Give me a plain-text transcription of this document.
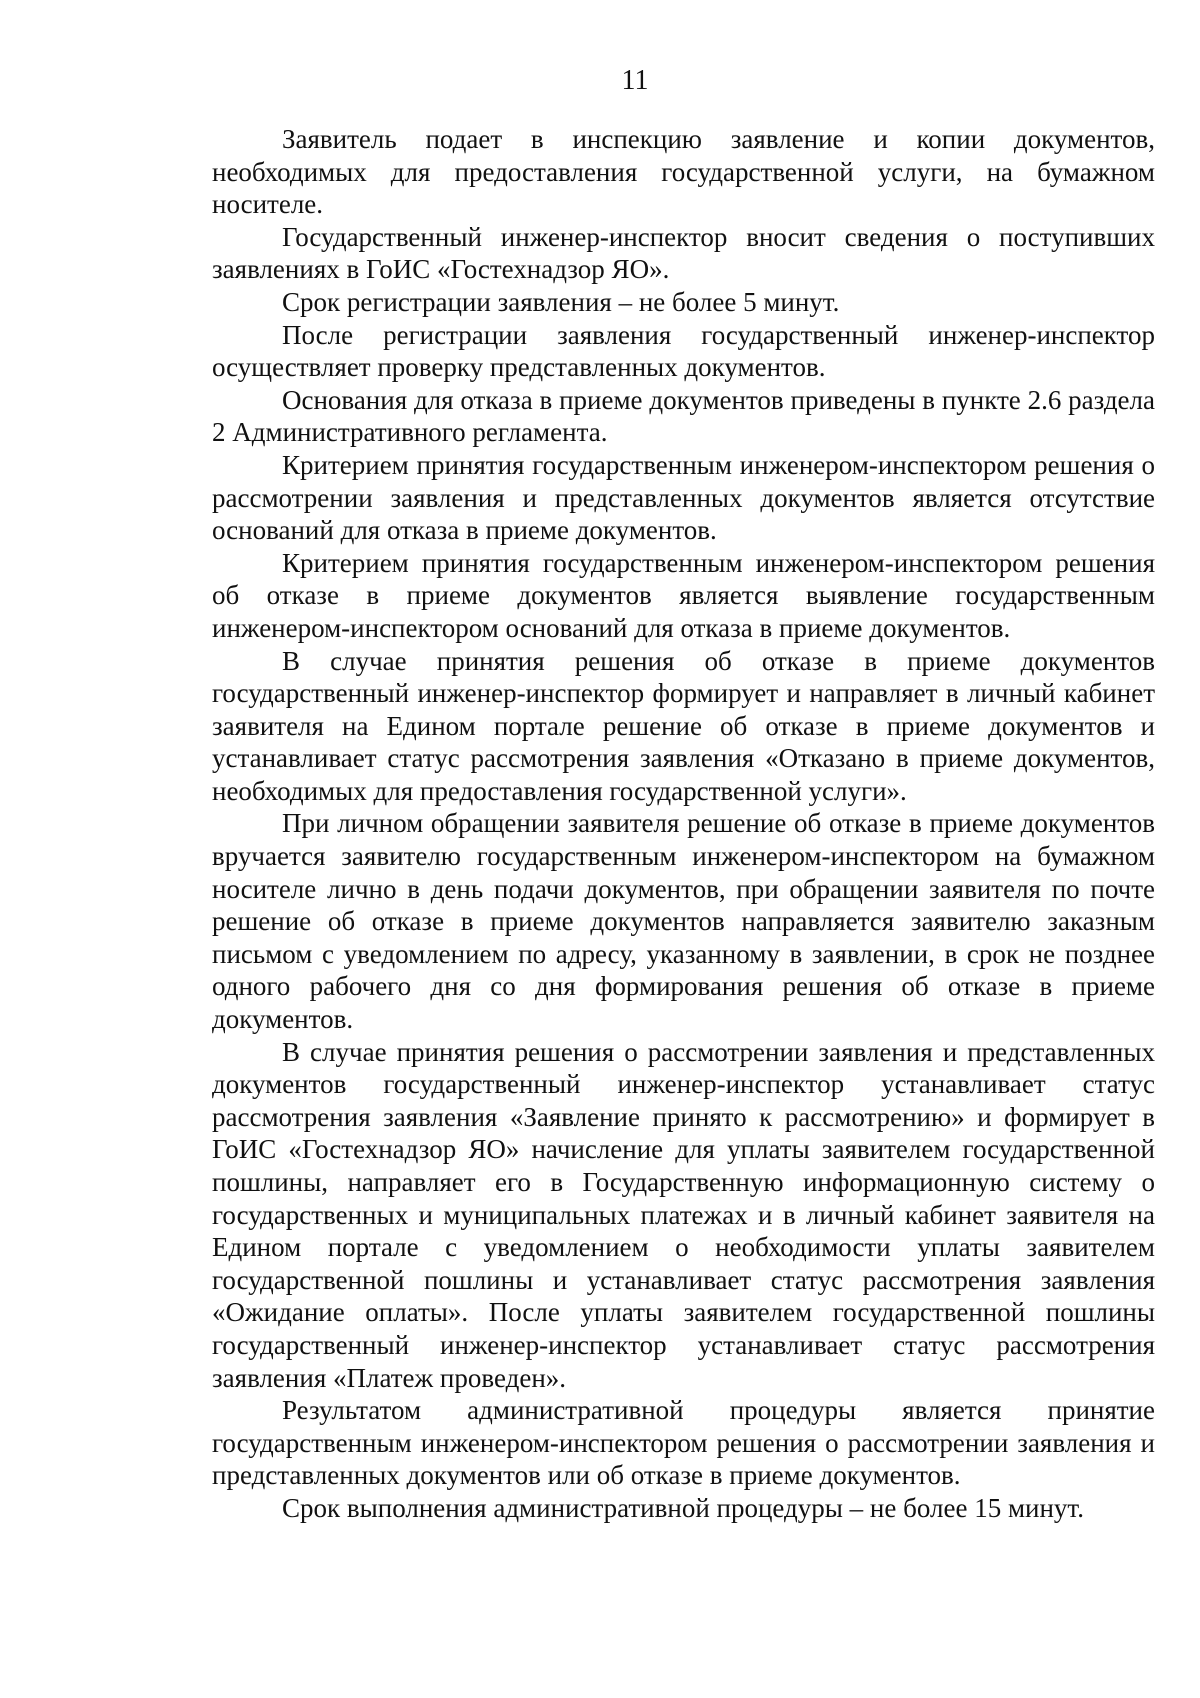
11

Заявитель подает в инспекцию заявление и копии документов, необходимых для предоставления государственной услуги, на бумажном носителе.

Государственный инженер-инспектор вносит сведения о поступивших заявлениях в ГоИС «Гостехнадзор ЯО».

Срок регистрации заявления – не более 5 минут.

После регистрации заявления государственный инженер-инспектор осуществляет проверку представленных документов.

Основания для отказа в приеме документов приведены в пункте 2.6 раздела 2 Административного регламента.

Критерием принятия государственным инженером-инспектором решения о рассмотрении заявления и представленных документов является отсутствие оснований для отказа в приеме документов.

Критерием принятия государственным инженером-инспектором решения об отказе в приеме документов является выявление государственным инженером-инспектором оснований для отказа в приеме документов.

В случае принятия решения об отказе в приеме документов государственный инженер-инспектор формирует и направляет в личный кабинет заявителя на Едином портале решение об отказе в приеме документов и устанавливает статус рассмотрения заявления «Отказано в приеме документов, необходимых для предоставления государственной услуги».

При личном обращении заявителя решение об отказе в приеме документов вручается заявителю государственным инженером-инспектором на бумажном носителе лично в день подачи документов, при обращении заявителя по почте решение об отказе в приеме документов направляется заявителю заказным письмом с уведомлением по адресу, указанному в заявлении, в срок не позднее одного рабочего дня со дня формирования решения об отказе в приеме документов.

В случае принятия решения о рассмотрении заявления и представленных документов государственный инженер-инспектор устанавливает статус рассмотрения заявления «Заявление принято к рассмотрению» и формирует в ГоИС «Гостехнадзор ЯО» начисление для уплаты заявителем государственной пошлины, направляет его в Государственную информационную систему о государственных и муниципальных платежах и в личный кабинет заявителя на Едином портале с уведомлением о необходимости уплаты заявителем государственной пошлины и устанавливает статус рассмотрения заявления «Ожидание оплаты». После уплаты заявителем государственной пошлины государственный инженер-инспектор устанавливает статус рассмотрения заявления «Платеж проведен».

Результатом административной процедуры является принятие государственным инженером-инспектором решения о рассмотрении заявления и представленных документов или об отказе в приеме документов.

Срок выполнения административной процедуры – не более 15 минут.
